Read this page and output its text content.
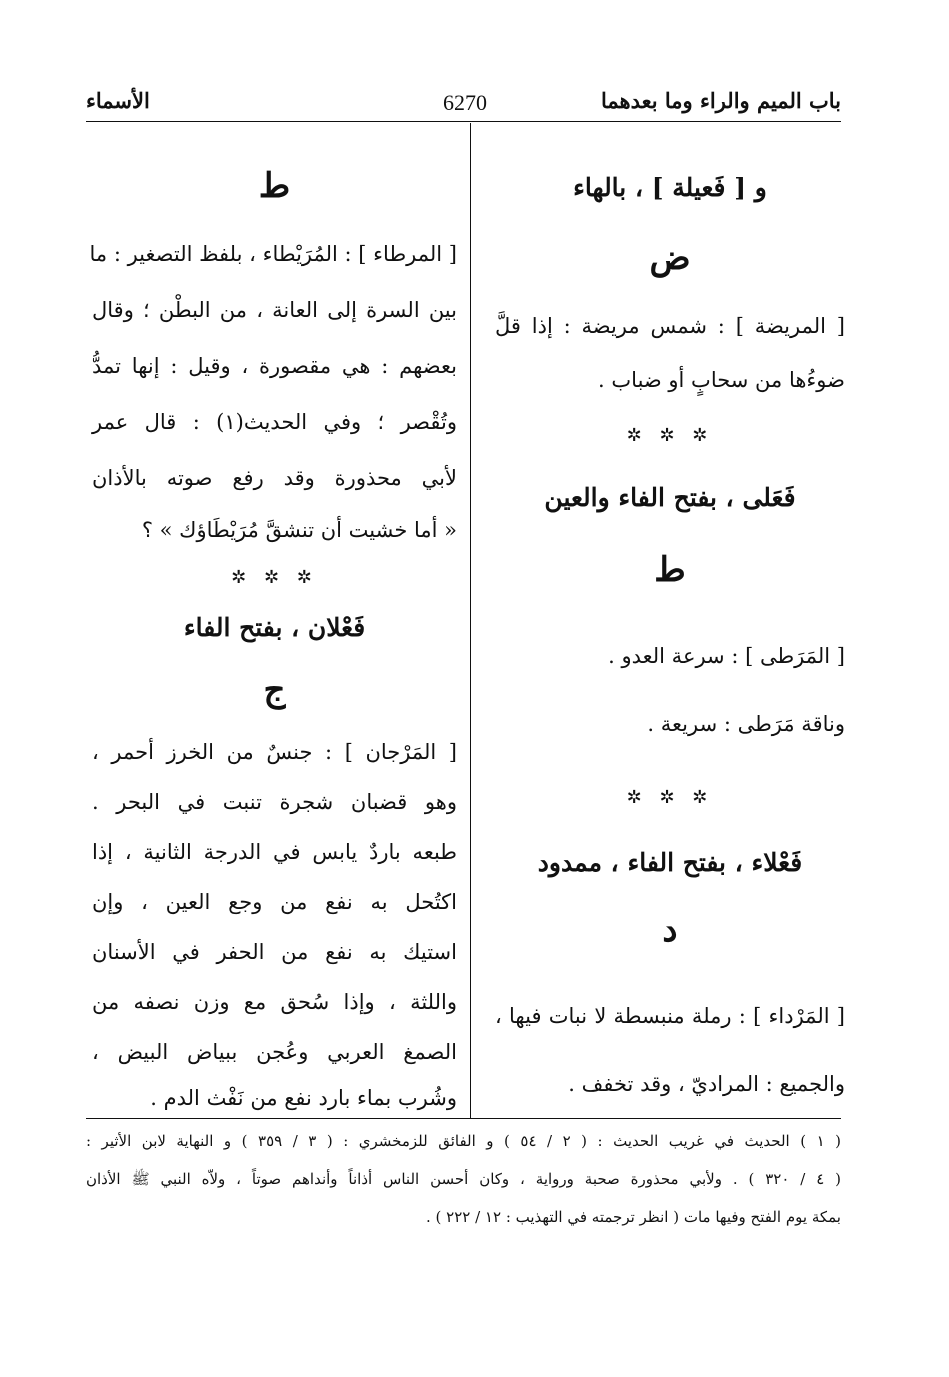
باب الميم والراء وما بعدهما
6270
الأسماء
و [ فَعيلة ] ، بالهاء
ض
[ المريضة ] : شمس مريضة : إذا قلَّ
ضوءُها من سحابٍ أو ضباب .
✲ ✲ ✲
فَعَلى ، بفتح الفاء والعين
ط
[ المَرَطى ] : سرعة العدو .
وناقة مَرَطى : سريعة .
✲ ✲ ✲
فَعْلاء ، بفتح الفاء ، ممدود
د
[ المَرْداء ] : رملة منبسطة لا نبات فيها ،
والجميع : المراديّ ، وقد تخفف .
ط
[ المرطاء ] : المُرَيْطاء ، بلفظ التصغير : ما
بين السرة إلى العانة ، من البطْن ؛ وقال
بعضهم : هي مقصورة ، وقيل : إنها تمدُّ
وتُقْصر ؛ وفي الحديث(١) : قال عمر
لأبي محذورة وقد رفع صوته بالأذان
« أما خشيت أن تنشقَّ مُرَيْطَاؤك » ؟
✲ ✲ ✲
فَعْلان ، بفتح الفاء
ج
[ المَرْجان ] : جنسٌ من الخرز أحمر ،
وهو قضبان شجرة تنبت في البحر .
طبعه باردٌ يابس في الدرجة الثانية ، إذا
اكتُحل به نفع من وجع العين ، وإن
استيك به نفع من الحفر في الأسنان
واللثة ، وإذا سُحق مع وزن نصفه من
الصمغ العربي وعُجن ببياض البيض ،
وشُرب بماء بارد نفع من نَفْث الدم .
( ١ ) الحديث في غريب الحديث : ( ٢ / ٥٤ ) و الفائق للزمخشري : ( ٣ / ٣٥٩ ) و النهاية لابن الأثير :
( ٤ / ٣٢٠ ) . ولأبي محذورة صحبة ورواية ، وكان أحسن الناس أذاناً وأنداهم صوتاً ، ولاّه النبي ﷺ الأذان
بمكة يوم الفتح وفيها مات ( انظر ترجمته في التهذيب : ١٢ / ٢٢٢ ) .
